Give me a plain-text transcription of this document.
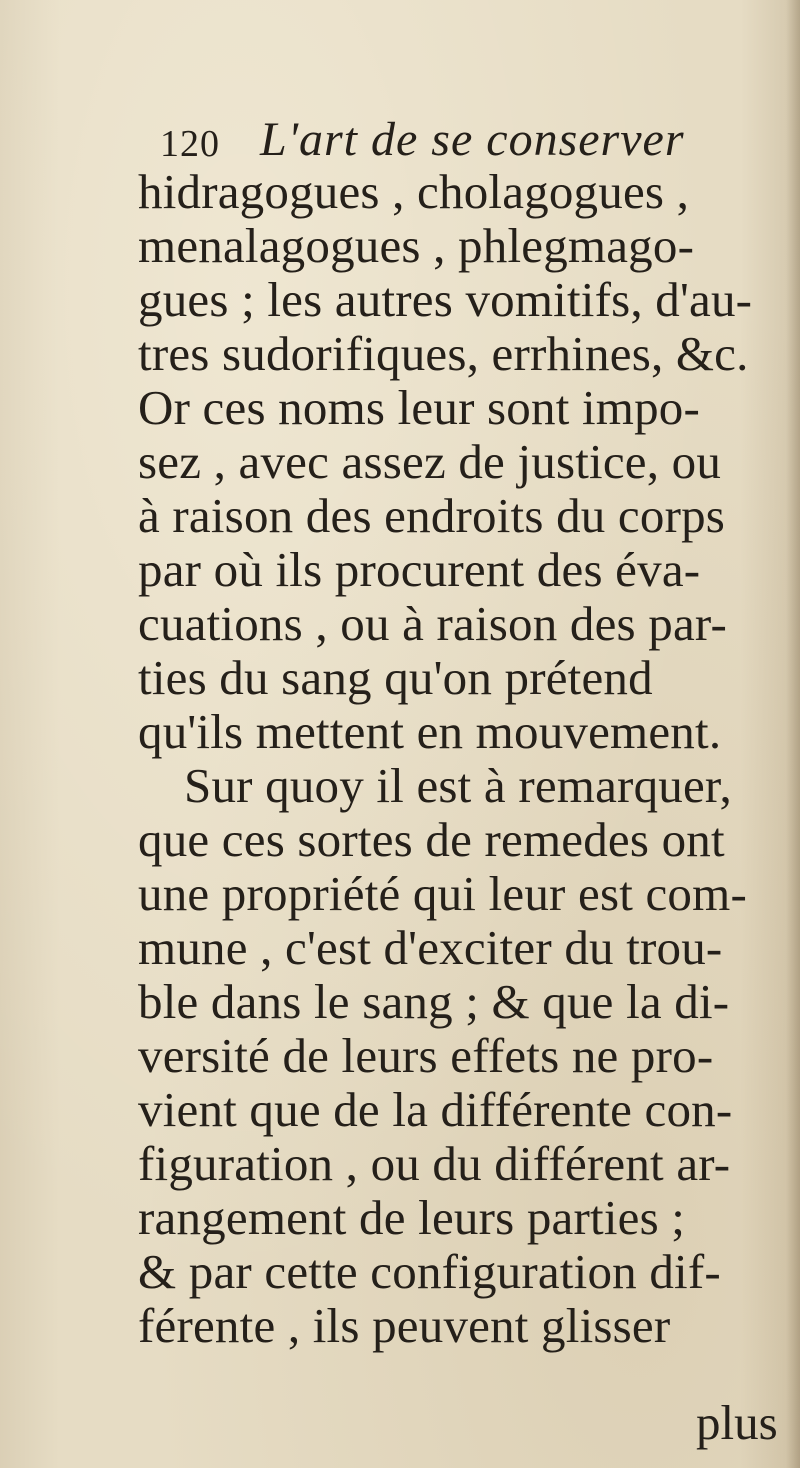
120 L'art de se conserver
hidragogues , cholagogues ,
menalagogues , phlegmago-
gues ; les autres vomitifs, d'au-
tres sudorifiques, errhines, &c.
Or ces noms leur sont impo-
sez , avec assez de justice, ou
à raison des endroits du corps
par où ils procurent des éva-
cuations , ou à raison des par-
ties du sang qu'on prétend
qu'ils mettent en mouvement.
Sur quoy il est à remarquer,
que ces sortes de remedes ont
une propriété qui leur est com-
mune , c'est d'exciter du trou-
ble dans le sang ; & que la di-
versité de leurs effets ne pro-
vient que de la différente con-
figuration , ou du différent ar-
rangement de leurs parties ;
& par cette configuration dif-
férente , ils peuvent glisser
plus
